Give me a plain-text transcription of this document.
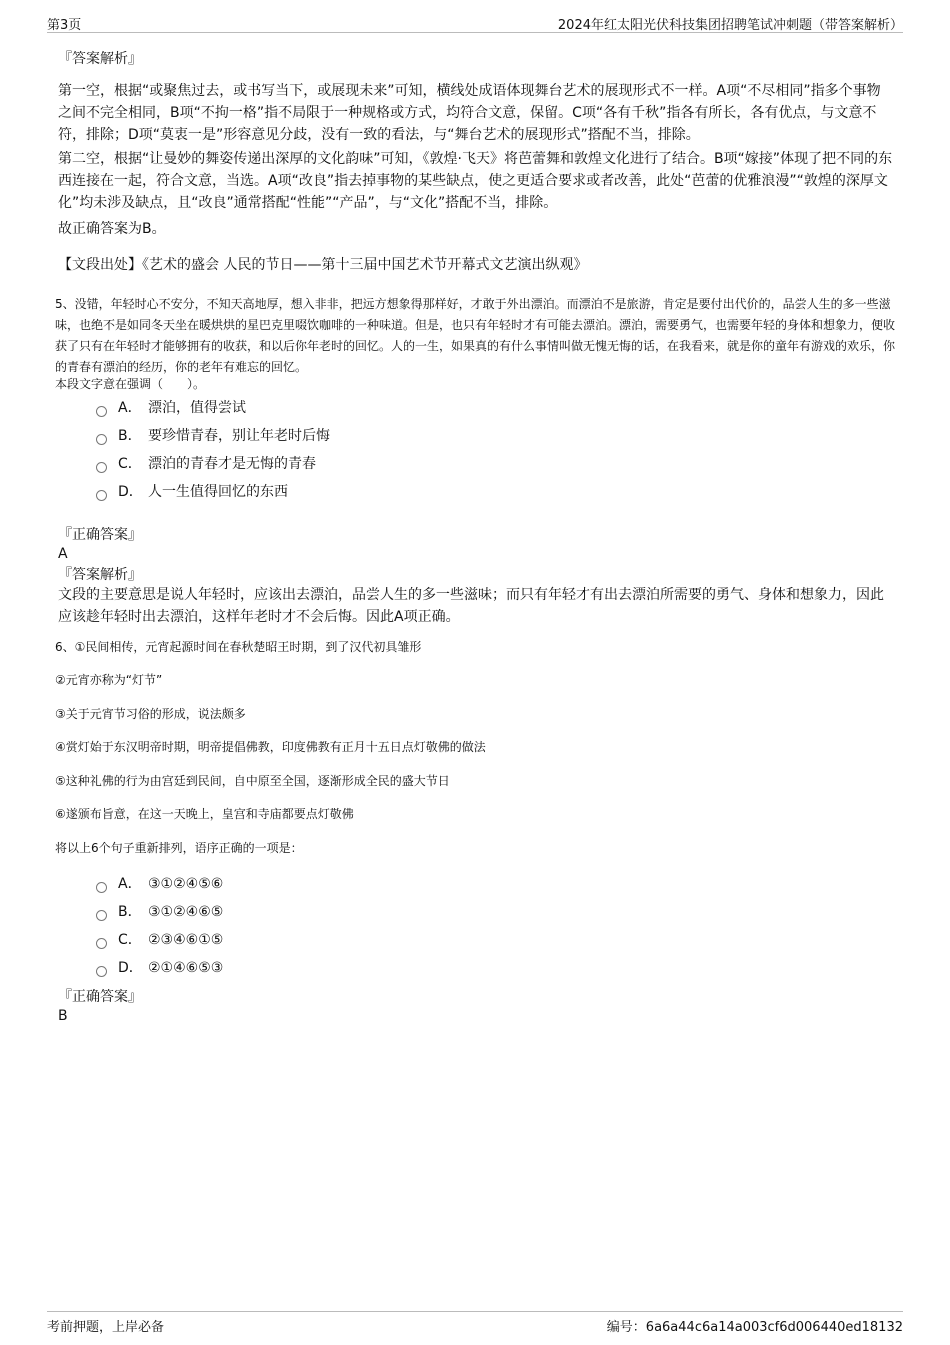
第3页	2024年红太阳光伏科技集团招聘笔试冲刺题（带答案解析）
『答案解析』

第一空，根据“或聚焦过去，或书写当下，或展现未来”可知，横线处成语体现舞台艺术的展现形式不一样。A项“不尽相同”指多个事物之间不完全相同，B项“不拘一格”指不局限于一种规格或方式，均符合文意，保留。C项“各有千秋”指各有所长，各有优点，与文意不符，排除；D项“莫衷一是”形容意见分歧，没有一致的看法，与“舞台艺术的展现形式”搭配不当，排除。

第二空，根据“让曼妙的舞姿传递出深厚的文化韵味”可知，《敦煌·飞天》将芭蕾舞和敦煌文化进行了结合。B项“嫁接”体现了把不同的东西连接在一起，符合文意，当选。A项“改良”指去掉事物的某些缺点，使之更适合要求或者改善，此处“芭蕾的优雅浪漫”“敦煌的深厚文化”均未涉及缺点，且“改良”通常搭配“性能”“产品”，与“文化”搭配不当，排除。

故正确答案为B。
【文段出处】《艺术的盛会 人民的节日——第十三届中国艺术节开幕式文艺演出纵观》

5、没错，年轻时心不安分，不知天高地厚，想入非非，把远方想象得那样好，才敢于外出漂泊。而漂泊不是旅游，肯定是要付出代价的，品尝人生的多一些滋味，也绝不是如同冬天坐在暖烘烘的星巴克里啜饮咖啡的一种味道。但是，也只有年轻时才有可能去漂泊。漂泊，需要勇气，也需要年轻的身体和想象力，便收获了只有在年轻时才能够拥有的收获，和以后你年老时的回忆。人的一生，如果真的有什么事情叫做无愧无悔的话，在我看来，就是你的童年有游戏的欢乐，你的青春有漂泊的经历，你的老年有难忘的回忆。

本段文字意在强调（　　）。
A． 漂泊，值得尝试
B． 要珍惜青春，别让年老时后悔
C． 漂泊的青春才是无悔的青春
D． 人一生值得回忆的东西
『正确答案』
A
『答案解析』

文段的主要意思是说人年轻时，应该出去漂泊，品尝人生的多一些滋味；而只有年轻才有出去漂泊所需要的勇气、身体和想象力，因此应该趁年轻时出去漂泊，这样年老时才不会后悔。因此A项正确。

6、①民间相传，元宵起源时间在春秋楚昭王时期，到了汉代初具雏形
②元宵亦称为“灯节”
③关于元宵节习俗的形成，说法颇多
④赏灯始于东汉明帝时期，明帝提倡佛教，印度佛教有正月十五日点灯敬佛的做法
⑤这种礼佛的行为由宫廷到民间，自中原至全国，逐渐形成全民的盛大节日
⑥遂颁布旨意，在这一天晚上，皇宫和寺庙都要点灯敬佛
将以上6个句子重新排列，语序正确的一项是：
A． ③①②④⑤⑥
B． ③①②④⑥⑤
C． ②③④⑥①⑤
D． ②①④⑥⑤③
『正确答案』
B
考前押题，上岸必备	编号：6a6a44c6a14a003cf6d006440ed18132
